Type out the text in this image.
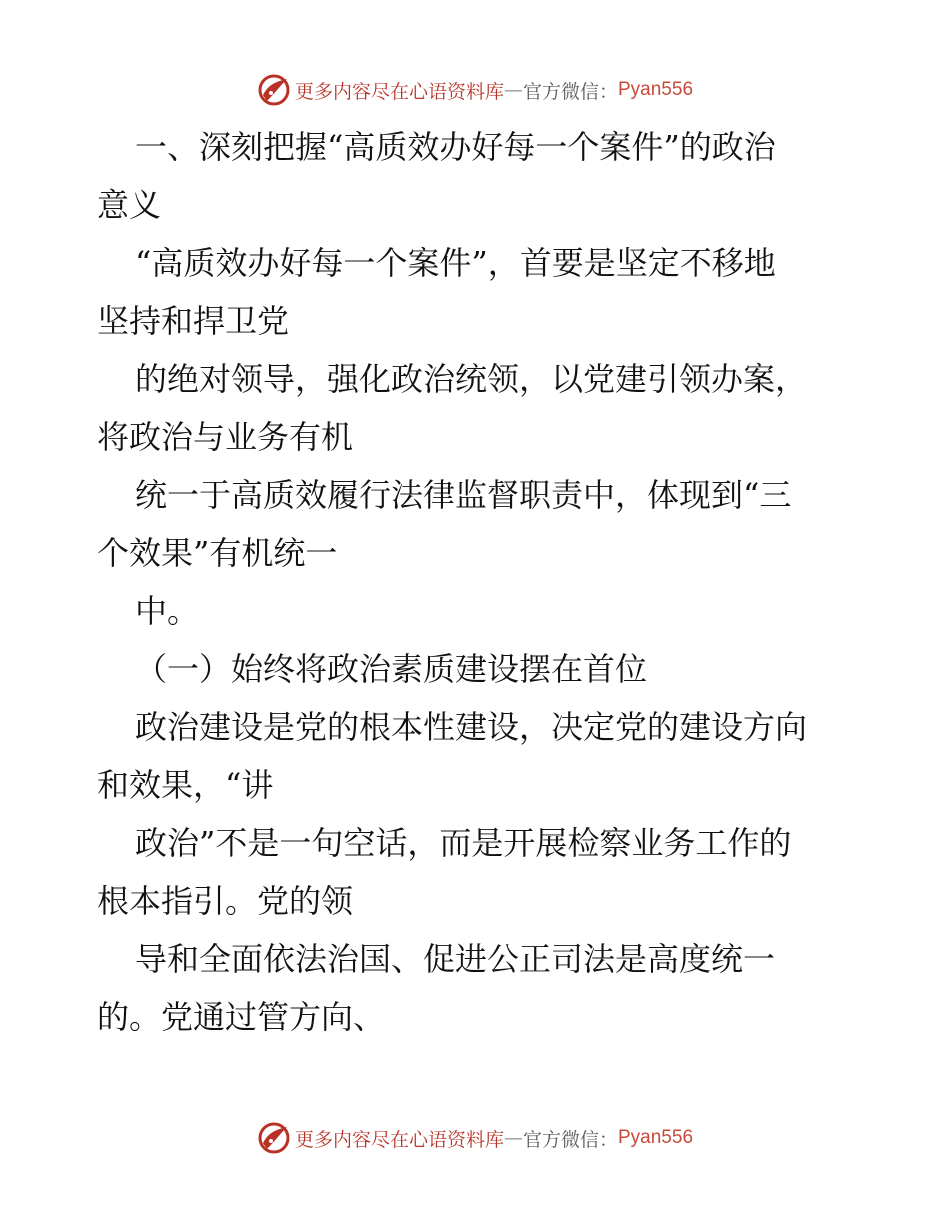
更多内容尽在心语资料库 — 官方微信： Pyan556

一、深刻把握“高质效办好每一个案件”的政治

意义

“高质效办好每一个案件”，首要是坚定不移地

坚持和捍卫党

的绝对领导，强化政治统领，以党建引领办案，

将政治与业务有机

统一于高质效履行法律监督职责中，体现到“三

个效果”有机统一

中。

（一）始终将政治素质建设摆在首位

政治建设是党的根本性建设，决定党的建设方向

和效果，“讲

政治”不是一句空话，而是开展检察业务工作的

根本指引。党的领

导和全面依法治国、促进公正司法是高度统一

的。党通过管方向、

更多内容尽在心语资料库 — 官方微信： Pyan556
